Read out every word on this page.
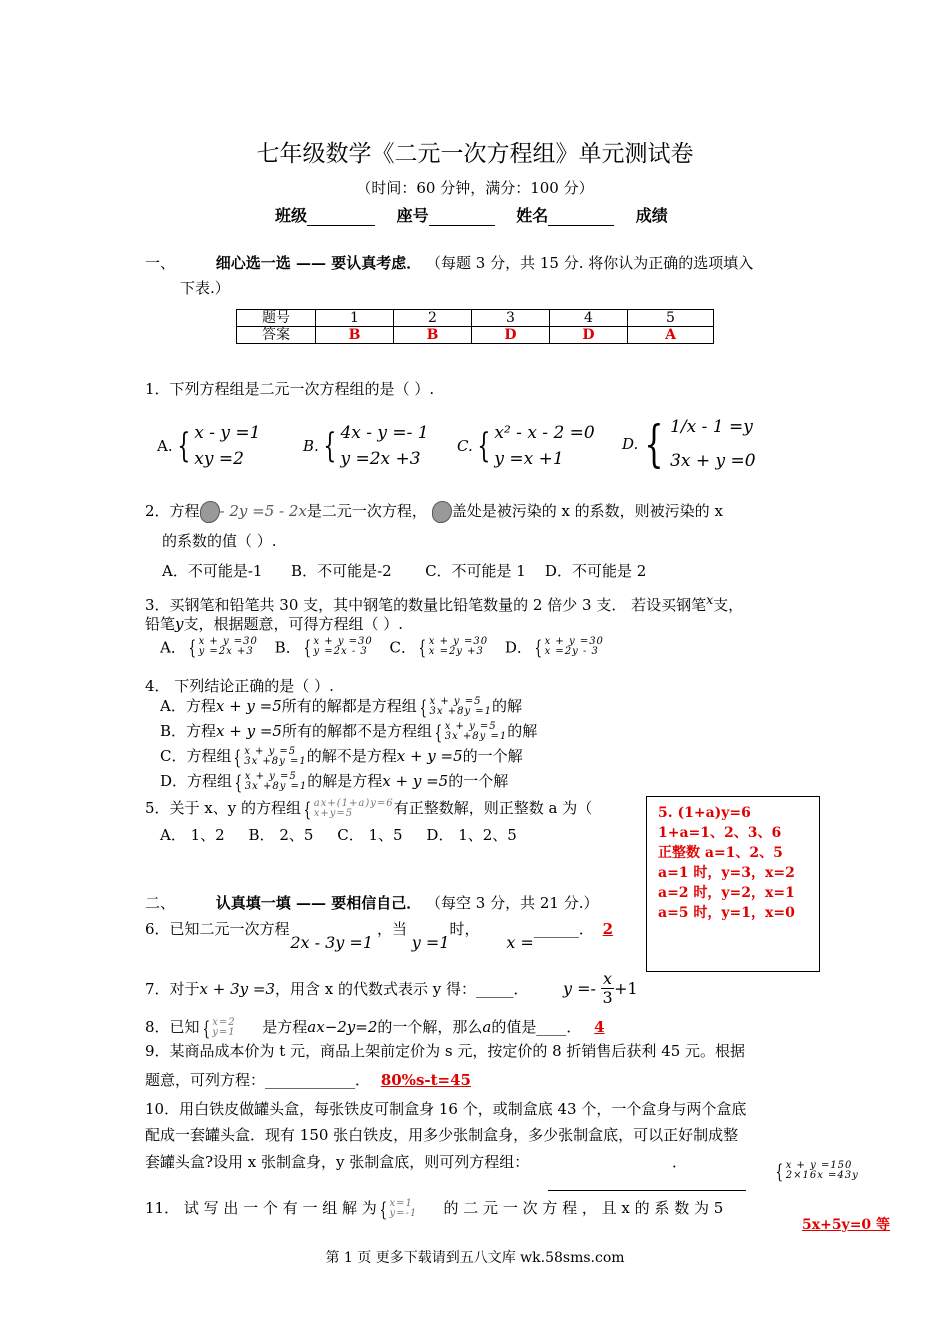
七年级数学《二元一次方程组》单元测试卷
（时间：60 分钟，满分：100 分）
班级	座号	姓名	成绩
一、	细心选一选 —— 要认真考虑． （每题 3 分，共 15 分. 将你认为正确的选项填入
下表.）
题号	1	2	3	4	5
答案	B	B	D	D	A
1．下列方程组是二元一次方程组的是（ ）.
A. { x - y =1
xy =2
B. { 4x - y =- 1
y =2x +3
C. { x² - x - 2 =0
y =x +1
D. { 1/x - 1 =y
3x + y =0
2．方程 - 2y =5 - 2x是二元一次方程， 盖处是被污染的 x 的系数，则被污染的 x
的系数的值（ ）.
A．不可能是-1      B．不可能是-2       C．不可能是 1    D．不可能是 2
3．买钢笔和铅笔共 30 支，其中钢笔的数量比铅笔数量的 2 倍少 3 支． 若设买钢笔$^x$支，
铅笔y支，根据题意，可得方程组（ ）.
A． { x + y =30
y =2x +3 B． { x + y =30
y =2x - 3 C． { x + y =30
x =2y +3 D． { x + y =30
x =2y - 3
4． 下列结论正确的是（ ）.
A．方程x + y =5所有的解都是方程组 { x + y =5
3x +8y =1的解
B．方程x + y =5所有的解都不是方程组 { x + y =5
3x +8y =1的解
C．方程组 { x + y =5
3x +8y =1的解不是方程x + y =5的一个解
D．方程组 { x + y =5
3x +8y =1的解是方程x + y =5的一个解
5．关于 x、y 的方程组 { ax+(1+a)y=6
x+y=5	有正整数解，则正整数 a 为（
A． 1、2     B． 2、5     C． 1、5     D． 1、2、5
5. (1+a)y=6
1+a=1、2、3、6
正整数 a=1、2、5
a=1 时，y=3，x=2
a=2 时，y=2，x=1
a=5 时，y=1，x=0
二、	认真填一填 —— 要相信自己． （每空 3 分，共 21 分.）
6．已知二元一次方程 2x - 3y =1，当 y =1时， x =______． 2
7．对于x + 3y =3，用含 x 的代数式表示 y 得：_____． $y =- \frac{x}{3} +1$
8．已知 { x=2
y=1 是方程ax−2y=2的一个解，那么a的值是____． 4
9．某商品成本价为 t 元，商品上架前定价为 s 元，按定价的 8 折销售后获利 45 元。根据
题意，可列方程：____________． 80%s-t=45
10．用白铁皮做罐头盒，每张铁皮可制盒身 16 个，或制盒底 43 个，一个盒身与两个盒底
配成一套罐头盒．现有 150 张白铁皮，用多少张制盒身，多少张制盒底，可以正好制成整
套罐头盒?设用 x 张制盒身，y 张制盒底，则可列方程组：	．	{ x + y =150
2×16x =43y
11． 试 写 出 一 个 有 一 组 解 为 { x=1
y=-1 的 二 元 一 次 方 程 ， 且 x 的 系 数 为 5
5x+5y=0 等
第 1 页 更多下载请到五八文库 wk.58sms.com
